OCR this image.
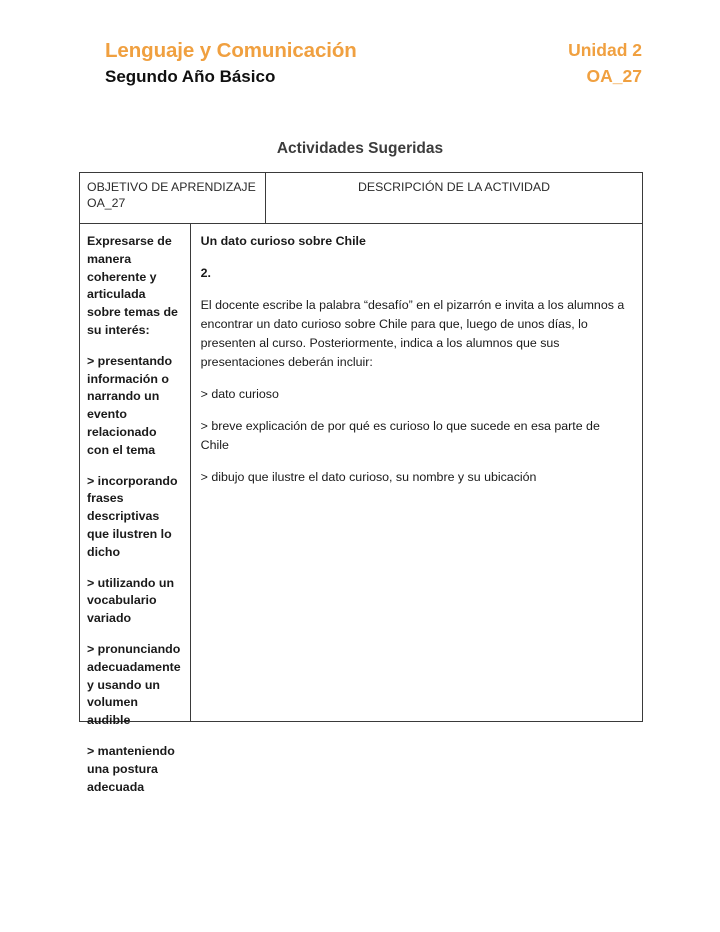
Lenguaje y Comunicación
Segundo Año Básico
Unidad 2
OA_27
Actividades Sugeridas
OBJETIVO DE APRENDIZAJE OA_27
DESCRIPCIÓN DE LA ACTIVIDAD

Expresarse de manera coherente y articulada sobre temas de su interés:

> presentando información o narrando un evento relacionado con el tema

> incorporando frases descriptivas que ilustren lo dicho

> utilizando un vocabulario variado

> pronunciando adecuadamente y usando un volumen audible

> manteniendo una postura adecuada

Un dato curioso sobre Chile

2.

El docente escribe la palabra “desafío” en el pizarrón e invita a los alumnos a encontrar un dato curioso sobre Chile para que, luego de unos días, lo presenten al curso. Posteriormente, indica a los alumnos que sus presentaciones deberán incluir:

> dato curioso

> breve explicación de por qué es curioso lo que sucede en esa parte de Chile

> dibujo que ilustre el dato curioso, su nombre y su ubicación
